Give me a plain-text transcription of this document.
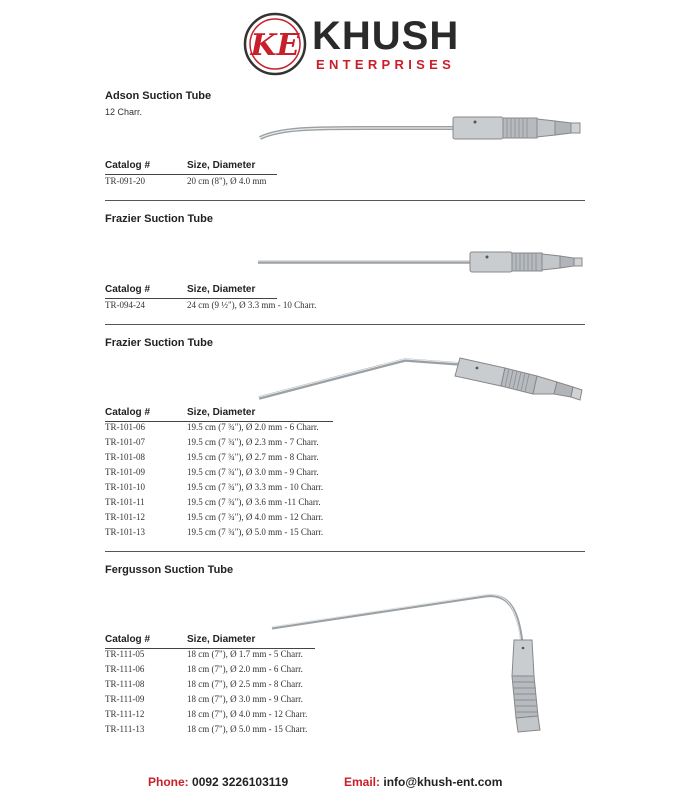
KE KHUSH
ENTERPRISES
Adson Suction Tube
12 Charr.
Catalog #	Size, Diameter
TR-091-20	20 cm (8"), Ø 4.0 mm
Frazier Suction Tube
Catalog #	Size, Diameter
TR-094-24	24 cm (9 ½"), Ø 3.3 mm - 10 Charr.
Frazier Suction Tube
Catalog #	Size, Diameter
TR-101-06	19.5 cm (7 ¾"), Ø 2.0 mm - 6 Charr.
TR-101-07	19.5 cm (7 ¾"), Ø 2.3 mm - 7 Charr.
TR-101-08	19.5 cm (7 ¾"), Ø 2.7 mm - 8 Charr.
TR-101-09	19.5 cm (7 ¾"), Ø 3.0 mm - 9 Charr.
TR-101-10	19.5 cm (7 ¾"), Ø 3.3 mm - 10 Charr.
TR-101-11	19.5 cm (7 ¾"), Ø 3.6 mm -11 Charr.
TR-101-12	19.5 cm (7 ¾"), Ø 4.0 mm - 12 Charr.
TR-101-13	19.5 cm (7 ¾"), Ø 5.0 mm - 15 Charr.
Fergusson Suction Tube
Catalog #	Size, Diameter
TR-111-05	18 cm (7"), Ø 1.7 mm - 5 Charr.
TR-111-06	18 cm (7"), Ø 2.0 mm - 6 Charr.
TR-111-08	18 cm (7"), Ø 2.5 mm - 8 Charr.
TR-111-09	18 cm (7"), Ø 3.0 mm - 9 Charr.
TR-111-12	18 cm (7"), Ø 4.0 mm - 12 Charr.
TR-111-13	18 cm (7"), Ø 5.0 mm - 15 Charr.
Phone: 0092 3226103119	Email: info@khush-ent.com
